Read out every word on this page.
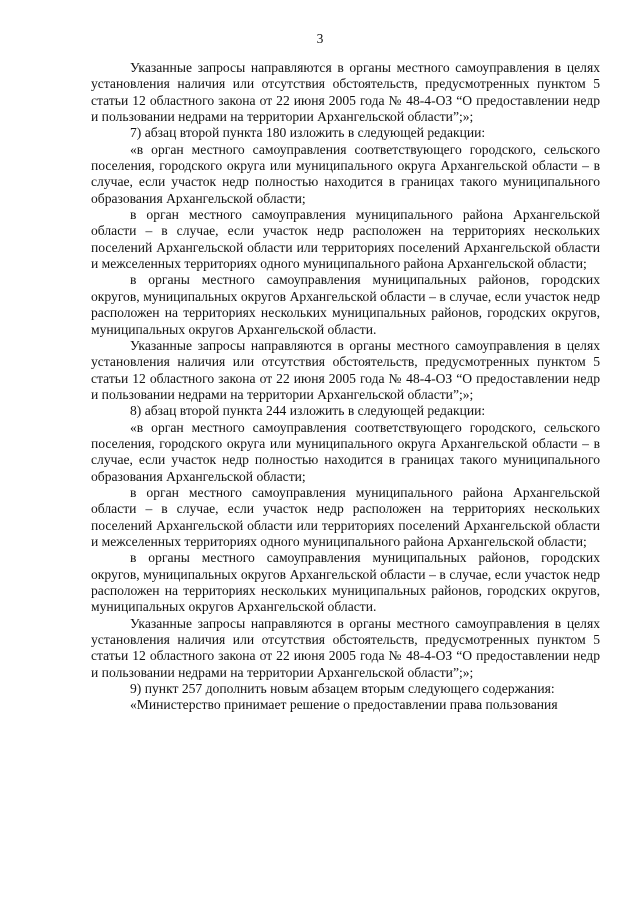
3

Указанные запросы направляются в органы местного самоуправления в целях установления наличия или отсутствия обстоятельств, предусмотренных пунктом 5 статьи 12 областного закона от 22 июня 2005 года № 48-4-ОЗ “О предоставлении недр и пользовании недрами на территории Архангельской области”;»;

7) абзац второй пункта 180 изложить в следующей редакции:

«в орган местного самоуправления соответствующего городского, сельского поселения, городского округа или муниципального округа Архангельской области – в случае, если участок недр полностью находится в границах такого муниципального образования Архангельской области;

в орган местного самоуправления муниципального района Архангельской области – в случае, если участок недр расположен на территориях нескольких поселений Архангельской области или территориях поселений Архангельской области и межселенных территориях одного муниципального района Архангельской области;

в органы местного самоуправления муниципальных районов, городских округов, муниципальных округов Архангельской области – в случае, если участок недр расположен на территориях нескольких муниципальных районов, городских округов, муниципальных округов Архангельской области.

Указанные запросы направляются в органы местного самоуправления в целях установления наличия или отсутствия обстоятельств, предусмотренных пунктом 5 статьи 12 областного закона от 22 июня 2005 года № 48-4-ОЗ “О предоставлении недр и пользовании недрами на территории Архангельской области”;»;

8) абзац второй пункта 244 изложить в следующей редакции:

«в орган местного самоуправления соответствующего городского, сельского поселения, городского округа или муниципального округа Архангельской области – в случае, если участок недр полностью находится в границах такого муниципального образования Архангельской области;

в орган местного самоуправления муниципального района Архангельской области – в случае, если участок недр расположен на территориях нескольких поселений Архангельской области или территориях поселений Архангельской области и межселенных территориях одного муниципального района Архангельской области;

в органы местного самоуправления муниципальных районов, городских округов, муниципальных округов Архангельской области – в случае, если участок недр расположен на территориях нескольких муниципальных районов, городских округов, муниципальных округов Архангельской области.

Указанные запросы направляются в органы местного самоуправления в целях установления наличия или отсутствия обстоятельств, предусмотренных пунктом 5 статьи 12 областного закона от 22 июня 2005 года № 48-4-ОЗ “О предоставлении недр и пользовании недрами на территории Архангельской области”;»;

9) пункт 257 дополнить новым абзацем вторым следующего содержания:

«Министерство принимает решение о предоставлении права пользования
